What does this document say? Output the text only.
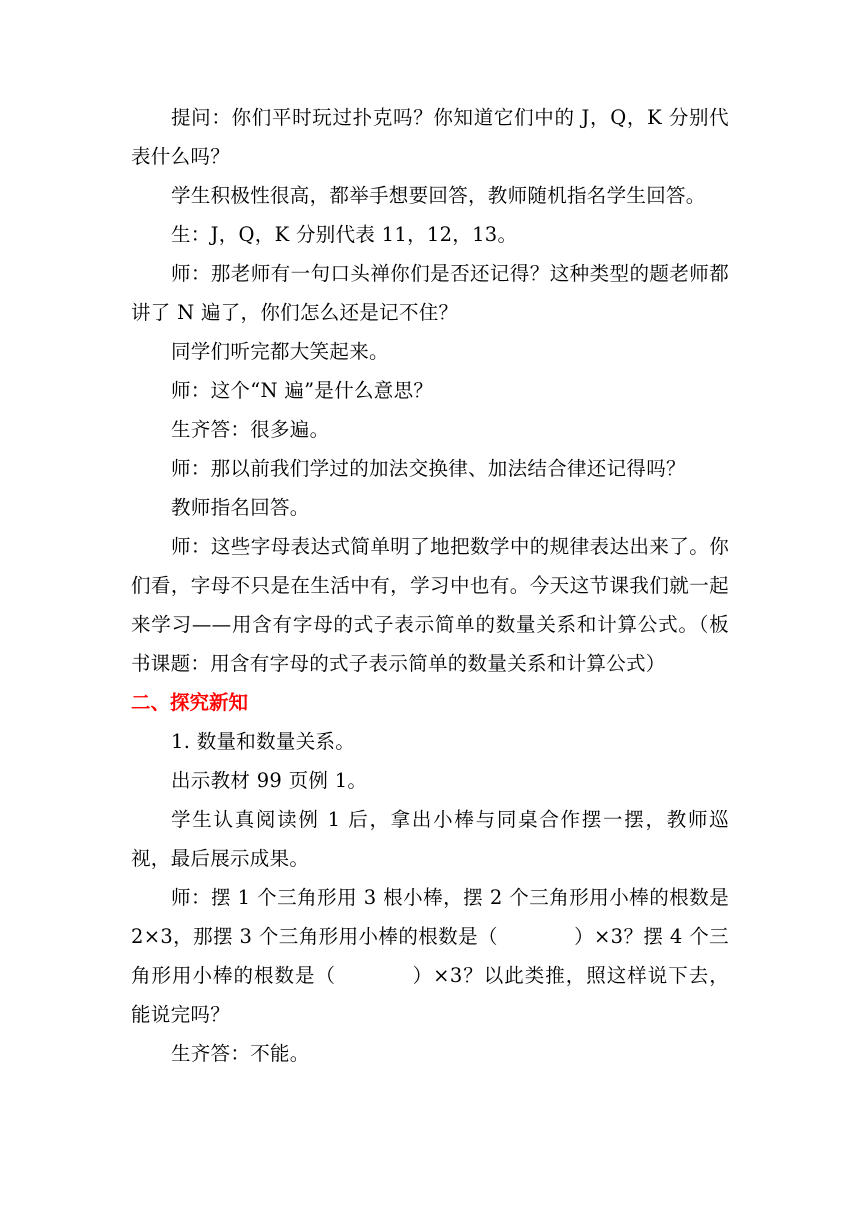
提问：你们平时玩过扑克吗？你知道它们中的 J，Q，K 分别代表什么吗？

学生积极性很高，都举手想要回答，教师随机指名学生回答。

生：J，Q，K 分别代表 11，12，13。

师：那老师有一句口头禅你们是否还记得？这种类型的题老师都讲了 N 遍了，你们怎么还是记不住？

同学们听完都大笑起来。

师：这个“N 遍”是什么意思？

生齐答：很多遍。

师：那以前我们学过的加法交换律、加法结合律还记得吗？

教师指名回答。

师：这些字母表达式简单明了地把数学中的规律表达出来了。你们看，字母不只是在生活中有，学习中也有。今天这节课我们就一起来学习——用含有字母的式子表示简单的数量关系和计算公式。（板书课题：用含有字母的式子表示简单的数量关系和计算公式）

二、探究新知

1. 数量和数量关系。

出示教材 99 页例 1。

学生认真阅读例 1 后，拿出小棒与同桌合作摆一摆，教师巡视，最后展示成果。

师：摆 1 个三角形用 3 根小棒，摆 2 个三角形用小棒的根数是 2×3，那摆 3 个三角形用小棒的根数是（	）×3？摆 4 个三角形用小棒的根数是（	）×3？以此类推，照这样说下去，能说完吗？

生齐答：不能。
